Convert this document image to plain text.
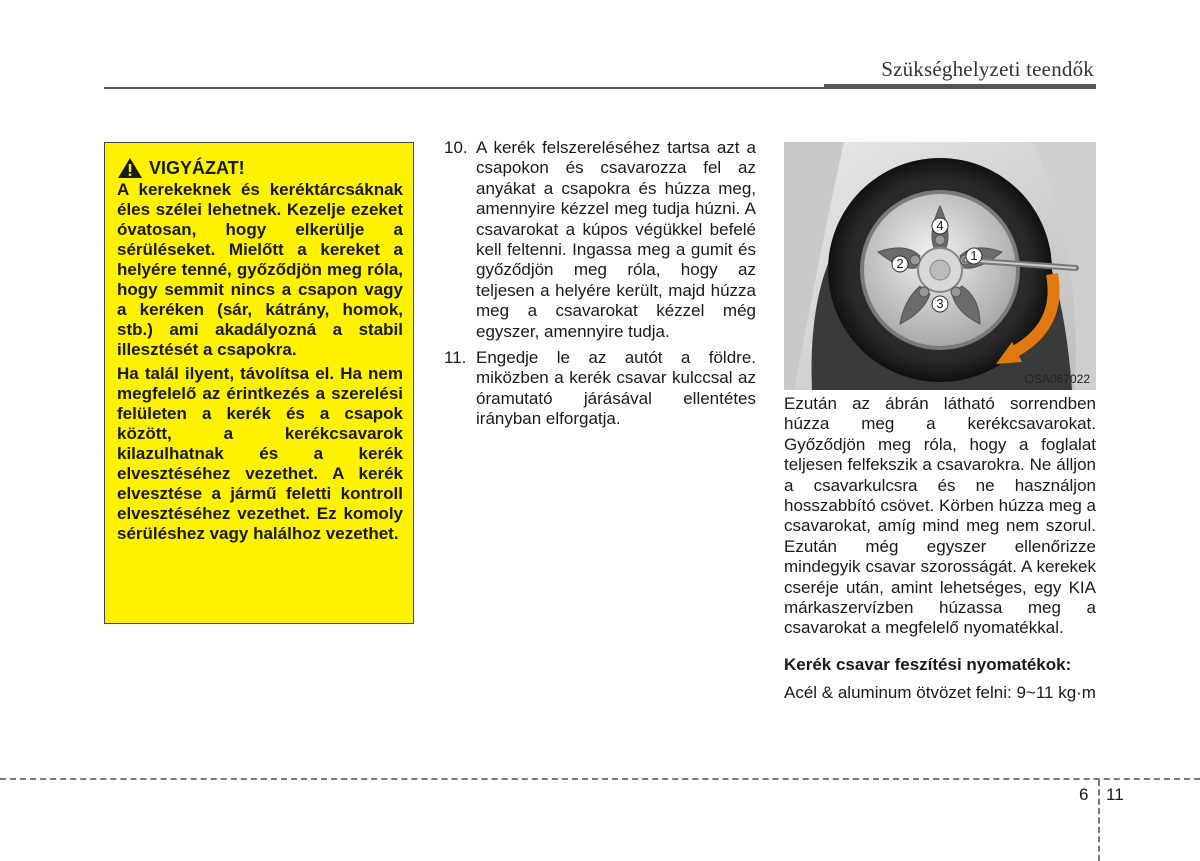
Szükséghelyzeti teendők
VIGYÁZAT!

A kerekeknek és keréktárcsáknak éles szélei lehetnek. Kezelje ezeket óvatosan, hogy elkerülje a sérüléseket. Mielőtt a kereket a helyére tenné, győződjön meg róla, hogy semmit nincs a csapon vagy a keréken (sár, kátrány, homok, stb.) ami akadályozná a stabil illesztését a csapokra.

Ha talál ilyent, távolítsa el. Ha nem megfelelő az érintkezés a szerelési felületen a kerék és a csapok között, a kerékcsavarok kilazulhatnak és a kerék elvesztéséhez vezethet. A kerék elvesztése a jármű feletti kontroll elvesztéséhez vezethet. Ez komoly sérüléshez vagy halálhoz vezethet.

10. A kerék felszereléséhez tartsa azt a csapokon és csavarozza fel az anyákat a csapokra és húzza meg, amennyire kézzel meg tudja húzni. A csavarokat a kúpos végükkel befelé kell feltenni. Ingassa meg a gumit és győződjön meg róla, hogy az teljesen a helyére került, majd húzza meg a csavarokat kézzel még egyszer, amennyire tudja.

11. Engedje le az autót a földre. miközben a kerék csavar kulccsal az óramutató járásával ellentétes irányban elforgatja.

1
2
3
4
OSA067022

Ezután az ábrán látható sorrendben húzza meg a kerékcsavarokat. Győződjön meg róla, hogy a foglalat teljesen felfekszik a csavarokra. Ne álljon a csavarkulcsra és ne használjon hosszabbító csövet. Körben húzza meg a csavarokat, amíg mind meg nem szorul. Ezután még egyszer ellenőrizze mindegyik csavar szorosságát. A kerekek cseréje után, amint lehetséges, egy KIA márkaszervízben húzassa meg a csavarokat a megfelelő nyomatékkal.

Kerék csavar feszítési nyomatékok:

Acél & aluminum ötvözet felni: 9~11 kg·m

6 11
